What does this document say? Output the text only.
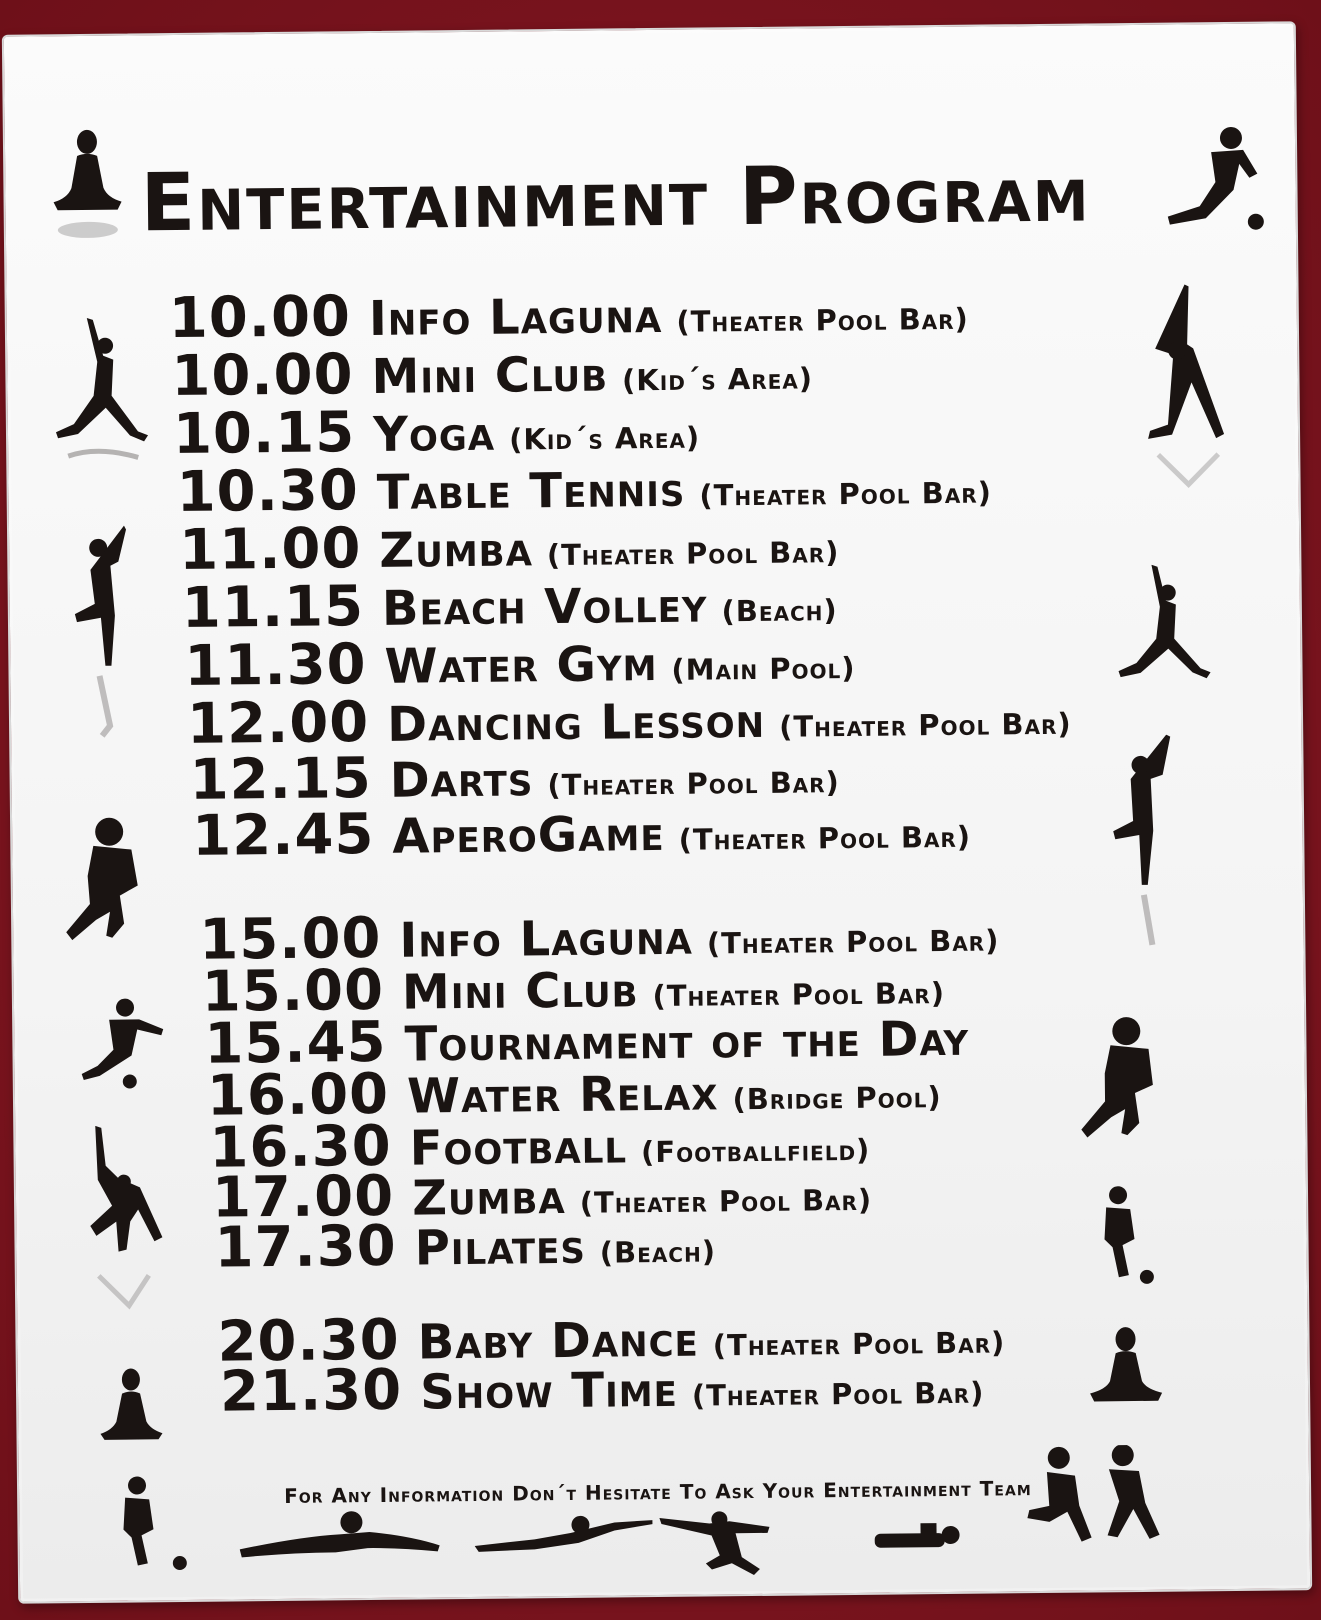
Entertainment Program
10.00 Info Laguna (Theater Pool Bar)
10.00 Mini Club (Kid´s Area)
10.15 Yoga (Kid´s Area)
10.30 Table Tennis (Theater Pool Bar)
11.00 Zumba (Theater Pool Bar)
11.15 Beach Volley (Beach)
11.30 Water Gym (Main Pool)
12.00 Dancing Lesson (Theater Pool Bar)
12.15 Darts (Theater Pool Bar)
12.45 AperoGame (Theater Pool Bar)
15.00 Info Laguna (Theater Pool Bar)
15.00 Mini Club (Theater Pool Bar)
15.45 Tournament of the Day
16.00 Water Relax (Bridge Pool)
16.30 Football (Footballfield)
17.00 Zumba (Theater Pool Bar)
17.30 Pilates (Beach)
20.30 Baby Dance (Theater Pool Bar)
21.30 Show Time (Theater Pool Bar)
For Any Information Don´t Hesitate To Ask Your Entertainment Team
